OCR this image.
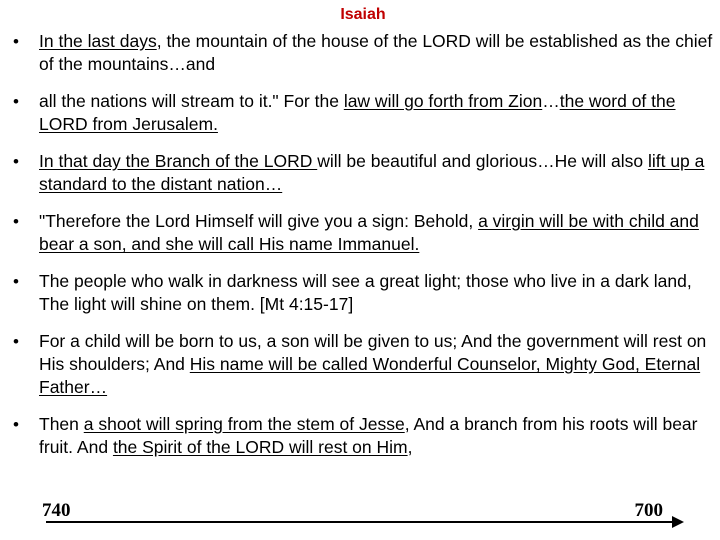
Isaiah
• In the last days, the mountain of the house of the LORD will be established as the chief of the mountains…and
• all the nations will stream to it." For the law will go forth from Zion…the word of the LORD from Jerusalem.
• In that day the Branch of the LORD will be beautiful and glorious…He will also lift up a standard to the distant nation…
• "Therefore the Lord Himself will give you a sign: Behold, a virgin will be with child and bear a son, and she will call His name Immanuel.
• The people who walk in darkness will see a great light; those who live in a dark land, The light will shine on them. [Mt 4:15-17]
• For a child will be born to us, a son will be given to us; And the government will rest on His shoulders; And His name will be called Wonderful Counselor, Mighty God, Eternal Father…
• Then a shoot will spring from the stem of Jesse, And a branch from his roots will bear fruit. And the Spirit of the LORD will rest on Him,
740	700
